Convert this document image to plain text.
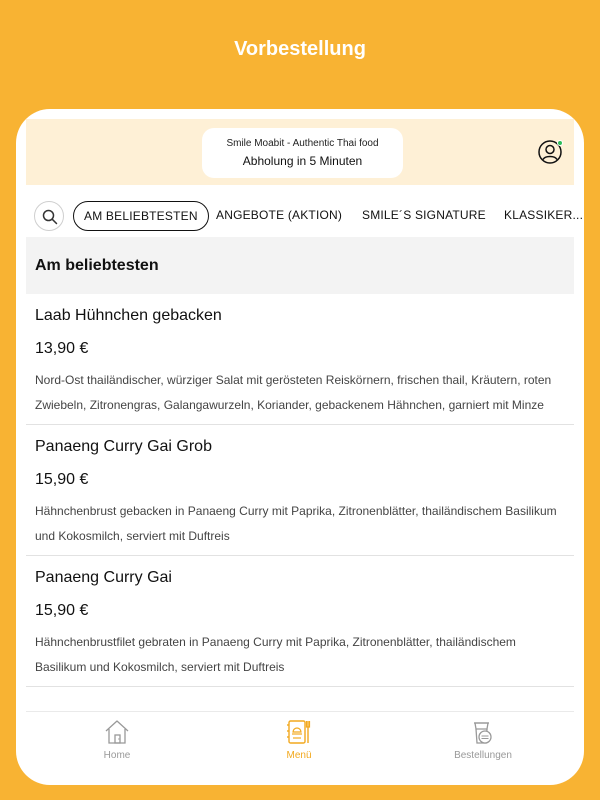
Vorbestellung
Smile Moabit - Authentic Thai food
Abholung in 5 Minuten
AM BELIEBTESTEN	ANGEBOTE (AKTION) SMILE´S SIGNATURE KLASSIKER...
Am beliebtesten
Laab Hühnchen gebacken
13,90 €
Nord-Ost thailändischer, würziger Salat mit gerösteten Reiskörnern, frischen thail, Kräutern, roten Zwiebeln, Zitronengras, Galangawurzeln, Koriander, gebackenem Hähnchen, garniert mit Minze
Panaeng Curry Gai Grob
15,90 €
Hähnchenbrust gebacken in Panaeng Curry mit Paprika, Zitronenblätter, thailändischem Basilikum und Kokosmilch, serviert mit Duftreis
Panaeng Curry Gai
15,90 €
Hähnchenbrustfilet gebraten in Panaeng Curry mit Paprika, Zitronenblätter, thailändischem Basilikum und Kokosmilch, serviert mit Duftreis
Home	Menü	Bestellungen
